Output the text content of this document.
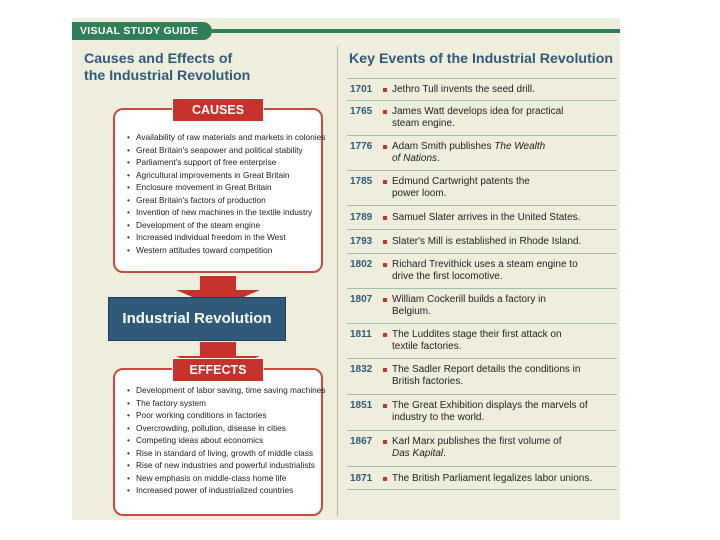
VISUAL STUDY GUIDE
Causes and Effects of
the Industrial Revolution
Key Events of the Industrial Revolution
CAUSES
• Availability of raw materials and markets in colonies
• Great Britain's seapower and political stability
• Parliament's support of free enterprise
• Agricultural improvements in Great Britain
• Enclosure movement in Great Britain
• Great Britain's factors of production
• Invention of new machines in the textile industry
• Development of the steam engine
• Increased individual freedom in the West
• Western attitudes toward competition
Industrial Revolution
EFFECTS
• Development of labor saving, time saving machines
• The factory system
• Poor working conditions in factories
• Overcrowding, pollution, disease in cities
• Competing ideas about economics
• Rise in standard of living, growth of middle class
• Rise of new industries and powerful industrialists
• New emphasis on middle-class home life
• Increased power of industrialized countries
1701 Jethro Tull invents the seed drill.
1765 James Watt develops idea for practical
steam engine.
1776 Adam Smith publishes The Wealth
of Nations.
1785 Edmund Cartwright patents the
power loom.
1789 Samuel Slater arrives in the United States.
1793 Slater's Mill is established in Rhode Island.
1802 Richard Trevithick uses a steam engine to
drive the first locomotive.
1807 William Cockerill builds a factory in
Belgium.
1811 The Luddites stage their first attack on
textile factories.
1832 The Sadler Report details the conditions in
British factories.
1851 The Great Exhibition displays the marvels of
industry to the world.
1867 Karl Marx publishes the first volume of
Das Kapital.
1871 The British Parliament legalizes labor unions.
